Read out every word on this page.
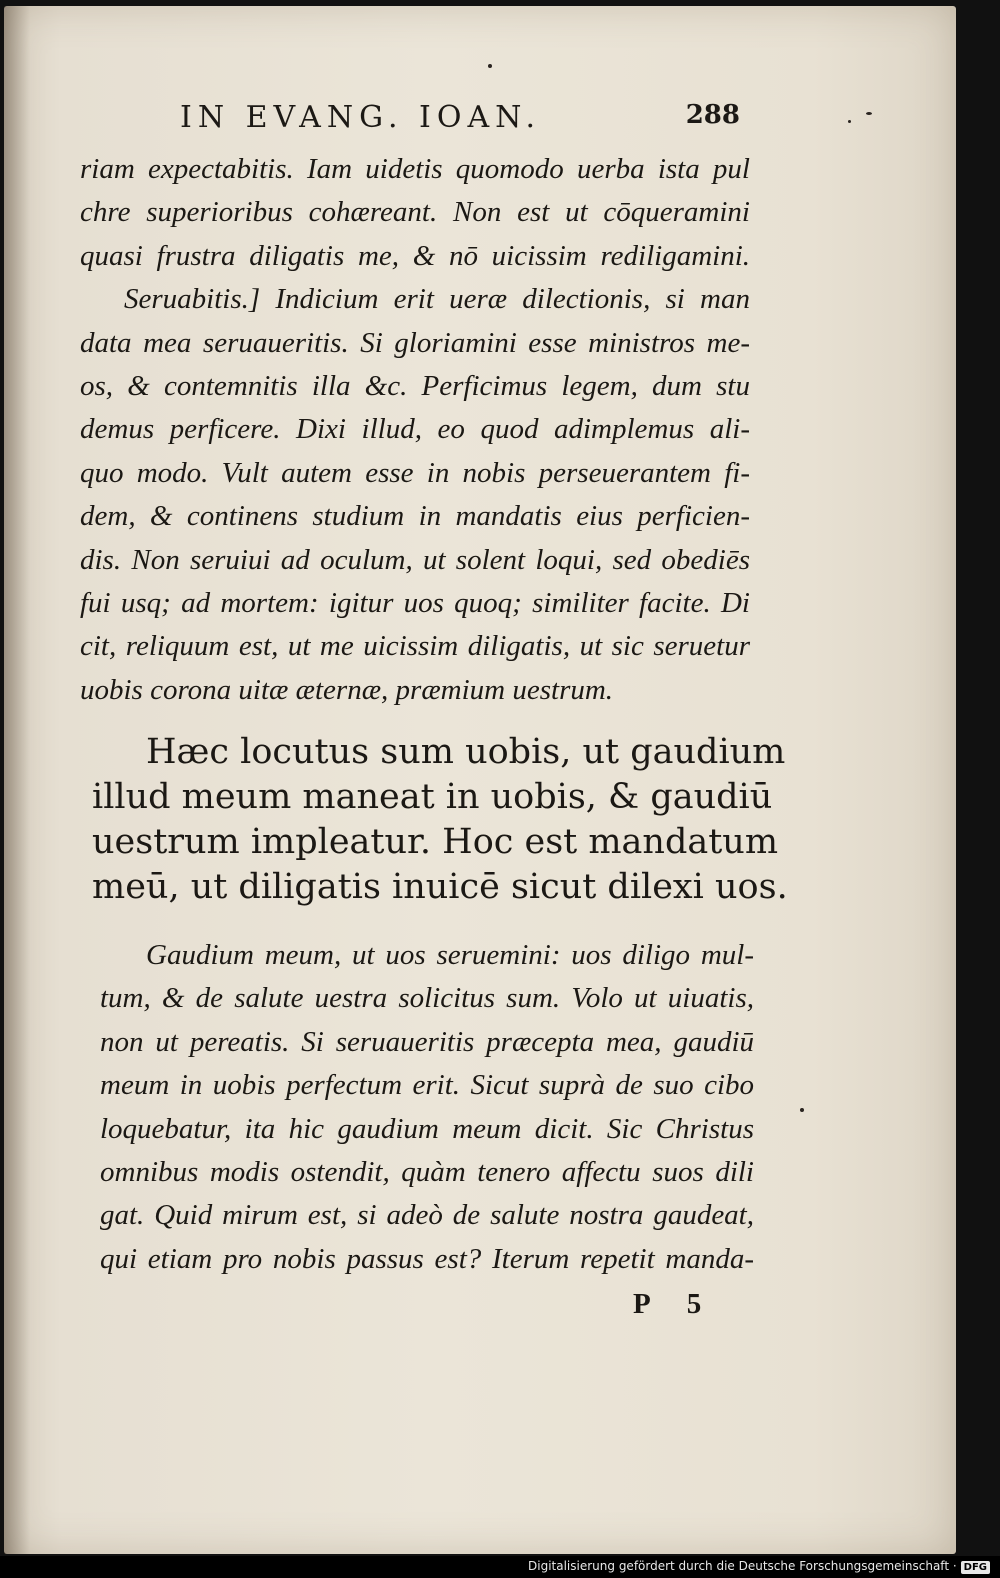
IN EVANG. IOAN.	288
riam expectabitis. Iam uidetis quomodo uerba ista pul
chre superioribus cohæreant. Non est ut cōqueramini
quasi frustra diligatis me, & nō uicissim rediligamini.
Seruabitis.] Indicium erit ueræ dilectionis, si man
data mea seruaueritis. Si gloriamini esse ministros me-
os, & contemnitis illa &c. Perficimus legem, dum stu
demus perficere. Dixi illud, eo quod adimplemus ali-
quo modo. Vult autem esse in nobis perseuerantem fi-
dem, & continens studium in mandatis eius perficien-
dis. Non seruiui ad oculum, ut solent loqui, sed obediēs
fui usq; ad mortem: igitur uos quoq; similiter facite. Di
cit, reliquum est, ut me uicissim diligatis, ut sic seruetur
uobis corona uitæ æternæ, præmium uestrum.
Hæc locutus sum uobis, ut gaudium
illud meum maneat in uobis, & gaudiū
uestrum impleatur. Hoc est mandatum
meū, ut diligatis inuicē sicut dilexi uos.
Gaudium meum, ut uos seruemini: uos diligo mul-
tum, & de salute uestra solicitus sum. Volo ut uiuatis,
non ut pereatis. Si seruaueritis præcepta mea, gaudiū
meum in uobis perfectum erit. Sicut suprà de suo cibo
loquebatur, ita hic gaudium meum dicit. Sic Christus
omnibus modis ostendit, quàm tenero affectu suos dili
gat. Quid mirum est, si adeò de salute nostra gaudeat,
qui etiam pro nobis passus est? Iterum repetit manda-
P5
Digitalisierung gefördert durch die Deutsche Forschungsgemeinschaft · DFG
